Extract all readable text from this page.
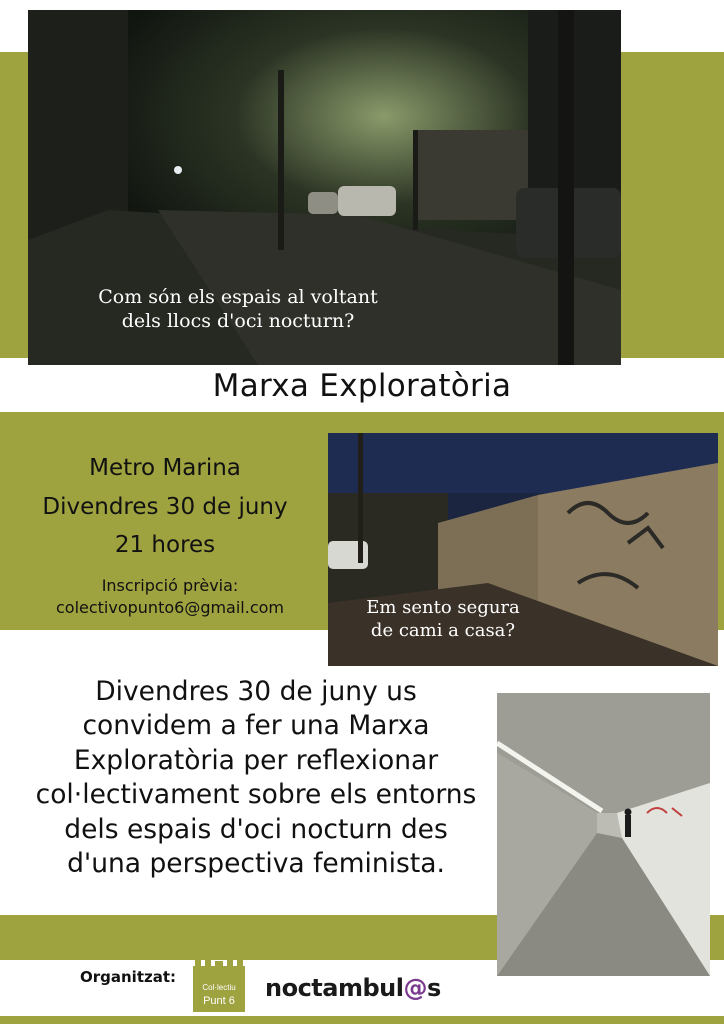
Com són els espais al voltant
dels llocs d'oci nocturn?
Marxa Exploratòria
Metro Marina
Divendres 30 de juny
21 hores
Inscripció prèvia:
colectivopunto6@gmail.com	Em sento segura
de cami a casa?
Divendres 30 de juny us
convidem a fer una Marxa
Exploratòria per reflexionar
col·lectivament sobre els entorns
dels espais d'oci nocturn des
d'una perspectiva feminista.
Organitzat:
Col·lectiu
Punt 6 noctambul@s
